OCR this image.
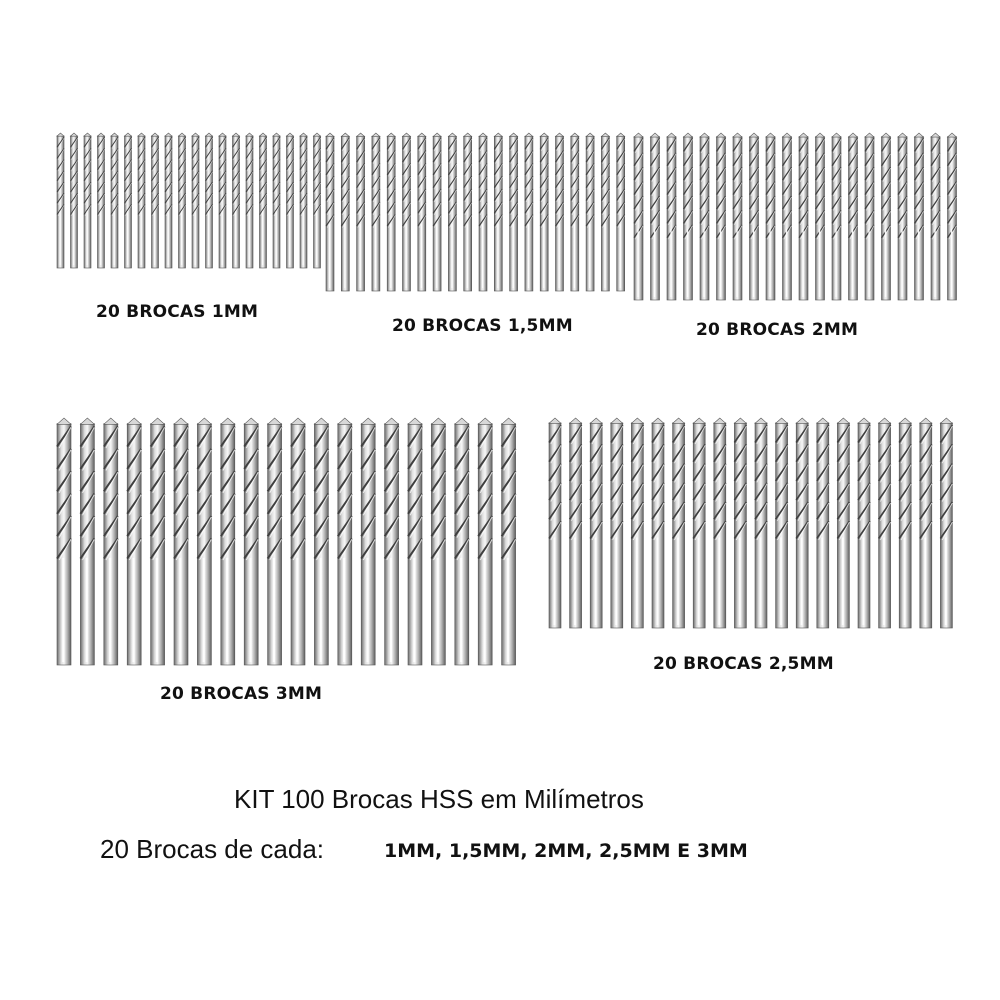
20 BROCAS 1MM
20 BROCAS 1,5MM	20 BROCAS 2MM
20 BROCAS 3MM
20 BROCAS 2,5MM
KIT 100 Brocas HSS em Milímetros
20 Brocas de cada:	1MM, 1,5MM, 2MM, 2,5MM E 3MM
